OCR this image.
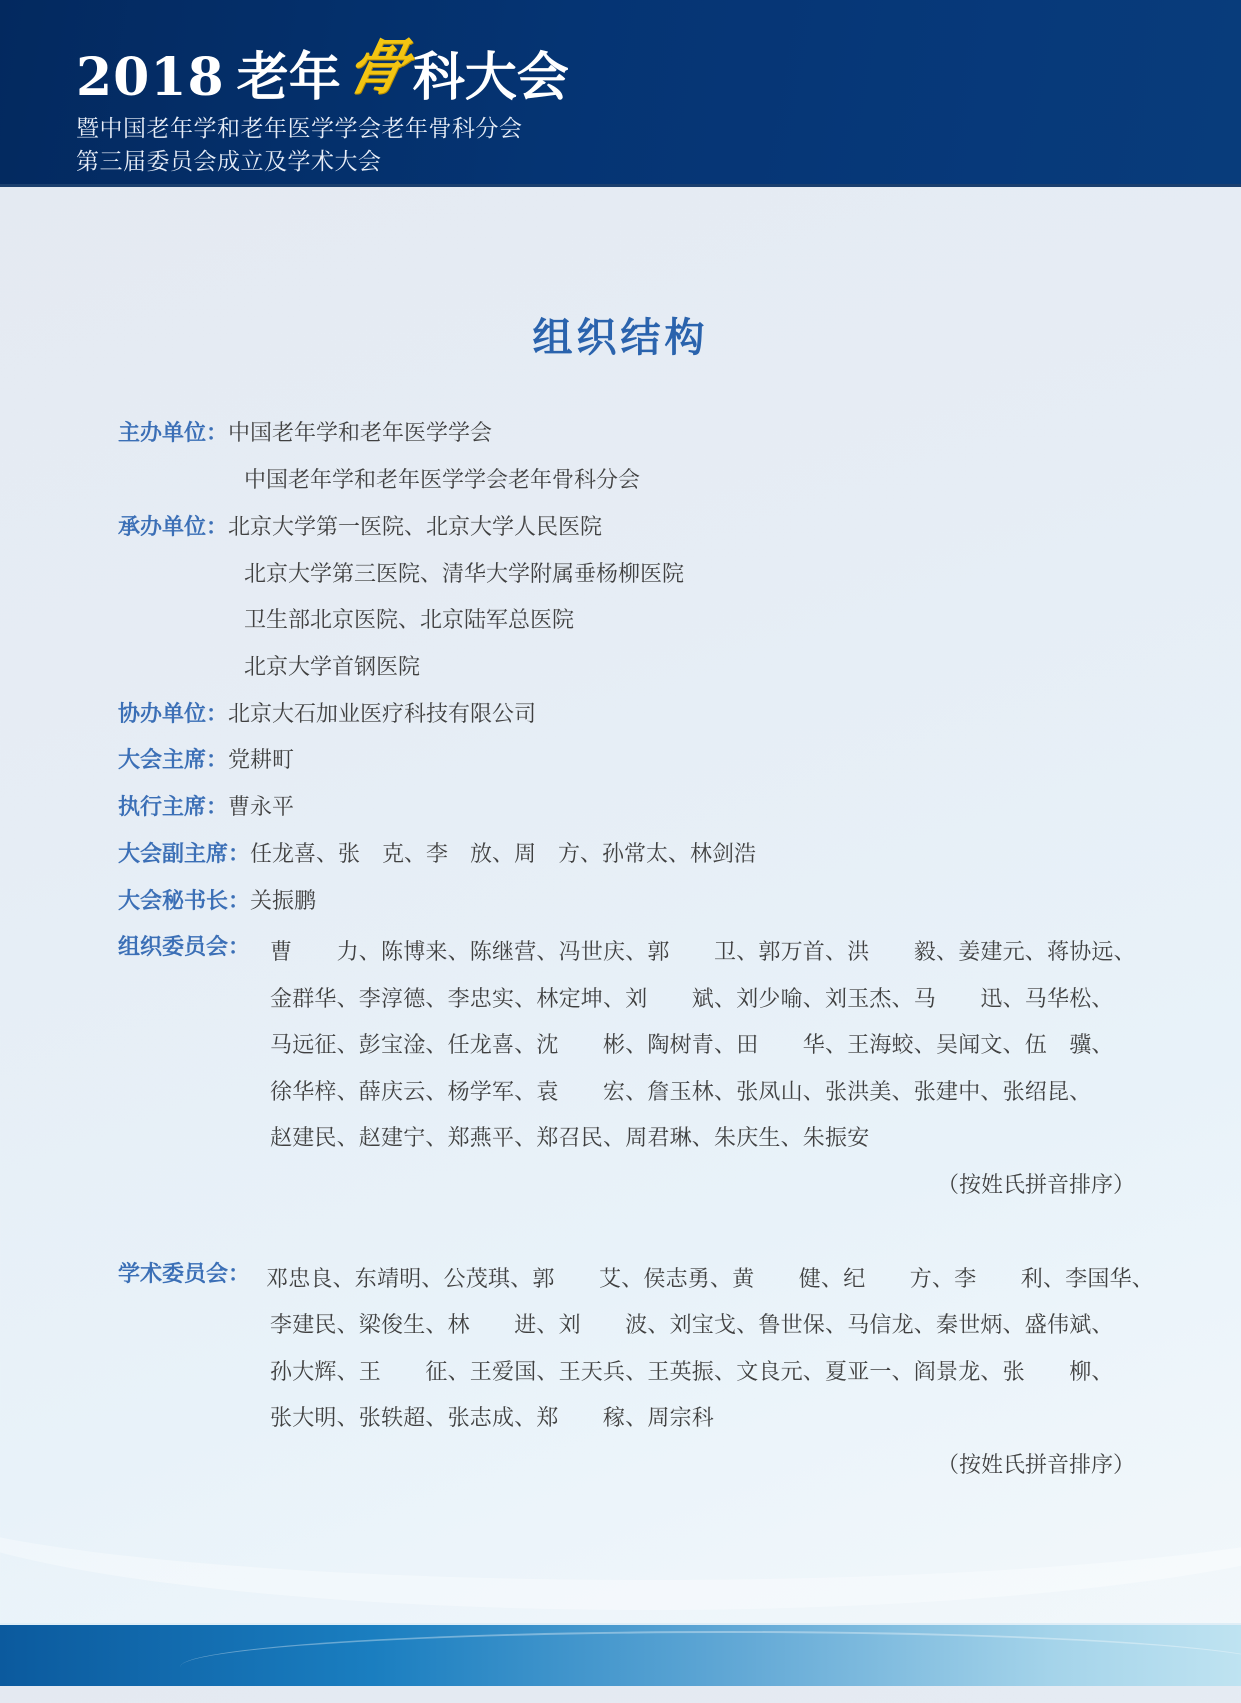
2018 老年
骨
科大会
暨中国老年学和老年医学学会老年骨科分会
第三届委员会成立及学术大会
组织结构
主办单位：中国老年学和老年医学学会
中国老年学和老年医学学会老年骨科分会
承办单位：北京大学第一医院、北京大学人民医院
北京大学第三医院、清华大学附属垂杨柳医院
卫生部北京医院、北京陆军总医院
北京大学首钢医院
协办单位：北京大石加业医疗科技有限公司
大会主席：党耕町
执行主席：曹永平
大会副主席：任龙喜、张　克、李　放、周　方、孙常太、林剑浩
大会秘书长：关振鹏
组织委员会： 曹　　力、陈博来、陈继营、冯世庆、郭　　卫、郭万首、洪　　毅、姜建元、蒋协远、
金群华、李淳德、李忠实、林定坤、刘　　斌、刘少喻、刘玉杰、马　　迅、马华松、
马远征、彭宝淦、任龙喜、沈　　彬、陶树青、田　　华、王海蛟、吴闻文、伍　骥、
徐华梓、薛庆云、杨学军、袁　　宏、詹玉林、张凤山、张洪美、张建中、张绍昆、
赵建民、赵建宁、郑燕平、郑召民、周君琳、朱庆生、朱振安
（按姓氏拼音排序）
学术委员会： 邓忠良、东靖明、公茂琪、郭　　艾、侯志勇、黄　　健、纪　　方、李　　利、李国华、
李建民、梁俊生、林　　进、刘　　波、刘宝戈、鲁世保、马信龙、秦世炳、盛伟斌、
孙大辉、王　　征、王爱国、王天兵、王英振、文良元、夏亚一、阎景龙、张　　柳、
张大明、张轶超、张志成、郑　　稼、周宗科
（按姓氏拼音排序）
